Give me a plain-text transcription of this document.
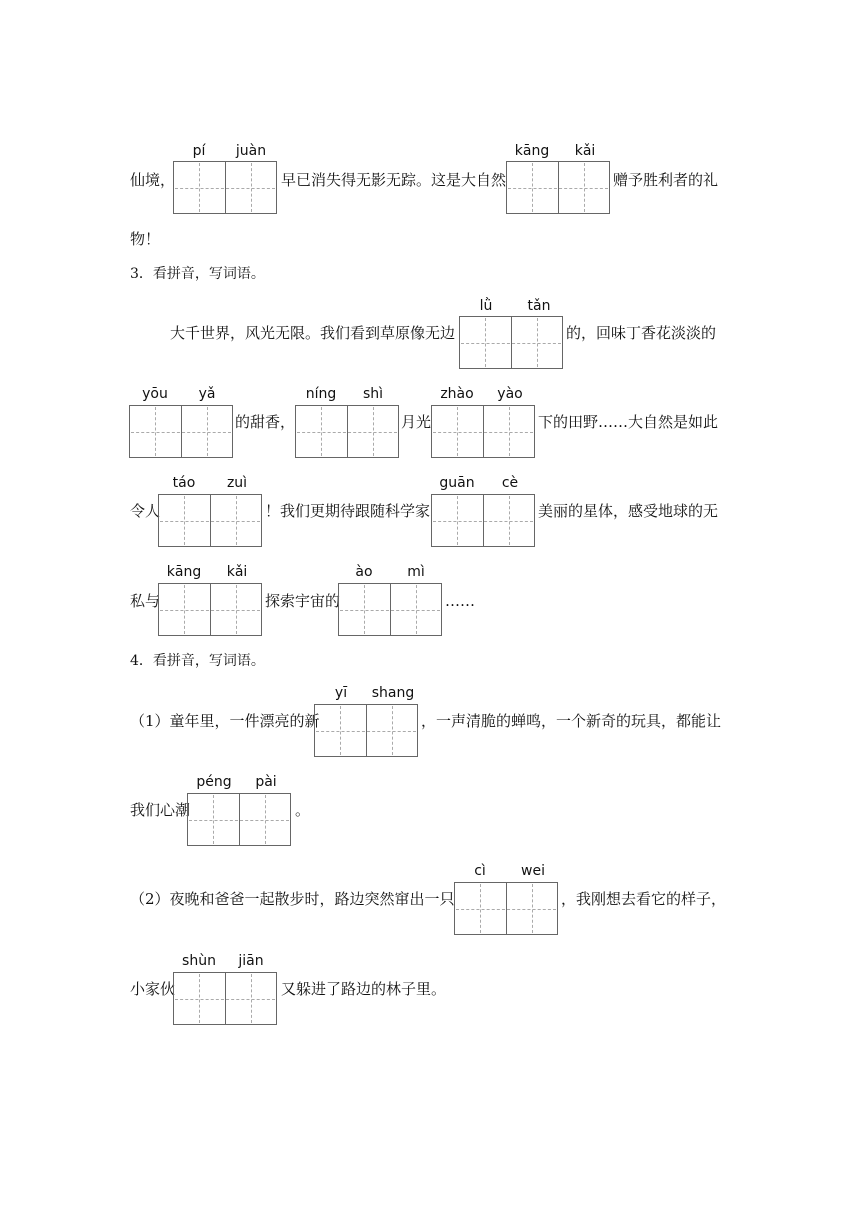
仙境，
pí juàn
早已消失得无影无踪。这是大自然
kāng kǎi
赠予胜利者的礼
物！
3．看拼音，写词语。
大千世界，风光无限。我们看到草原像无边
lǜ	tǎn
的，回味丁香花淡淡的
yōu yǎ
的甜香，
níng shì
月光
zhào yào
下的田野……大自然是如此
令人
táo zuì
！我们更期待跟随科学家
guān cè
美丽的星体，感受地球的无
私与
kāng kǎi
探索宇宙的
ào mì
……
4．看拼音，写词语。
（1）童年里，一件漂亮的新
yī shang
，一声清脆的蝉鸣，一个新奇的玩具，都能让
我们心潮
péng pài
。
（2）夜晚和爸爸一起散步时，路边突然窜出一只
cì	wei
，我刚想去看它的样子，
小家伙
shùn jiān
又躲进了路边的林子里。
